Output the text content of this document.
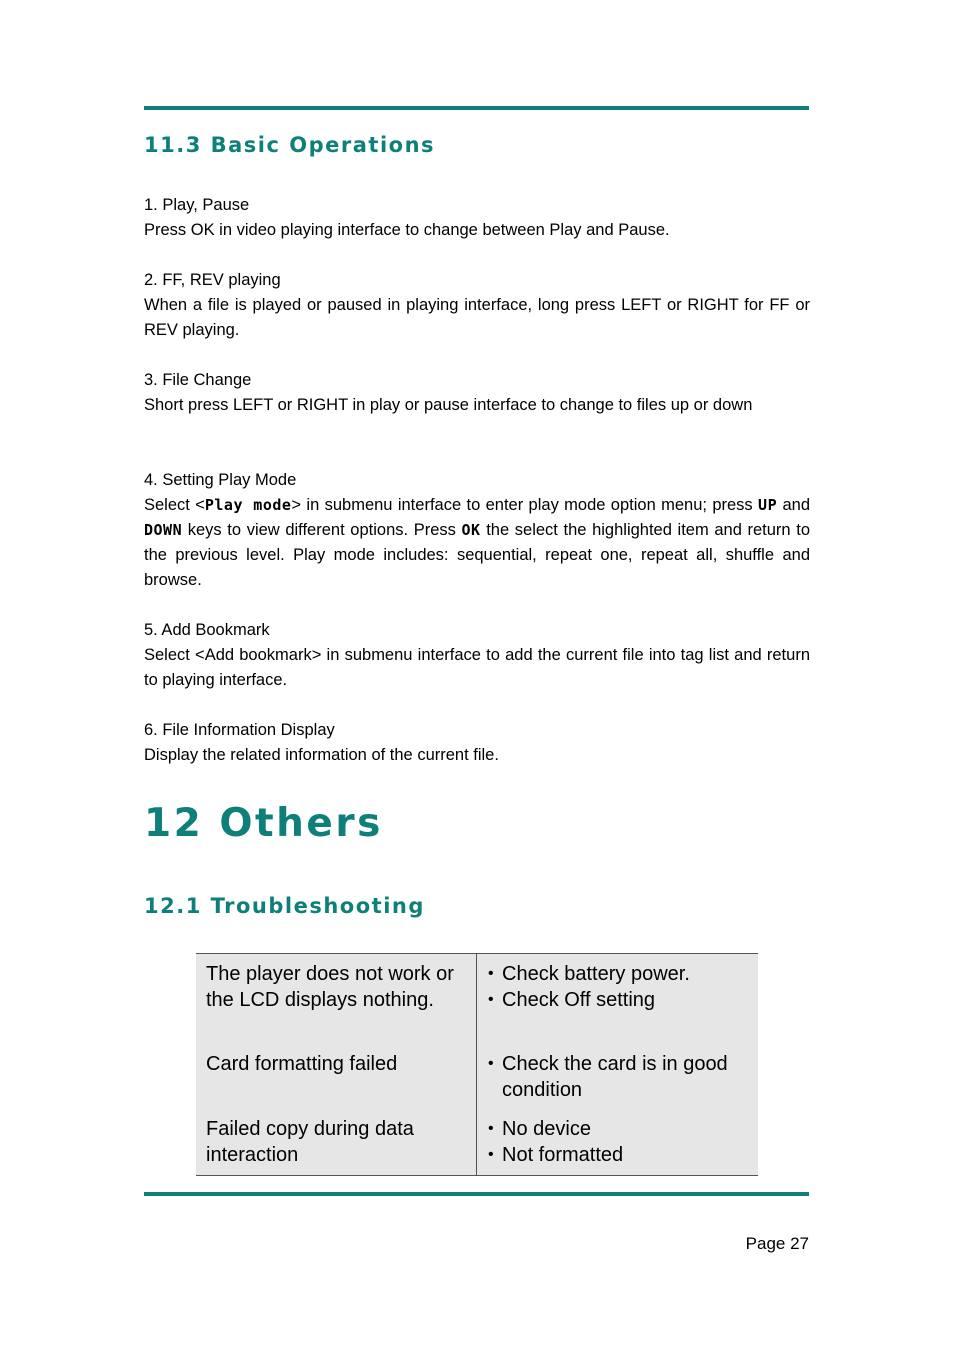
11.3 Basic Operations
1. Play, Pause
Press OK in video playing interface to change between Play and Pause.
2. FF, REV playing
When a file is played or paused in playing interface, long press LEFT or RIGHT for FF or REV playing.
3. File Change
Short press LEFT or RIGHT in play or pause interface to change to files up or down
4. Setting Play Mode
Select <Play mode> in submenu interface to enter play mode option menu; press UP and DOWN keys to view different options. Press OK the select the highlighted item and return to the previous level. Play mode includes: sequential, repeat one, repeat all, shuffle and browse.
5. Add Bookmark
Select <Add bookmark> in submenu interface to add the current file into tag list and return to playing interface.
6. File Information Display
Display the related information of the current file.
12 Others
12.1 Troubleshooting

The player does not work or the LCD displays nothing.

• Check battery power.
• Check Off setting

Card formatting failed	• Check the card is in good condition

Failed copy during data interaction

• No device
• Not formatted

Page 27
